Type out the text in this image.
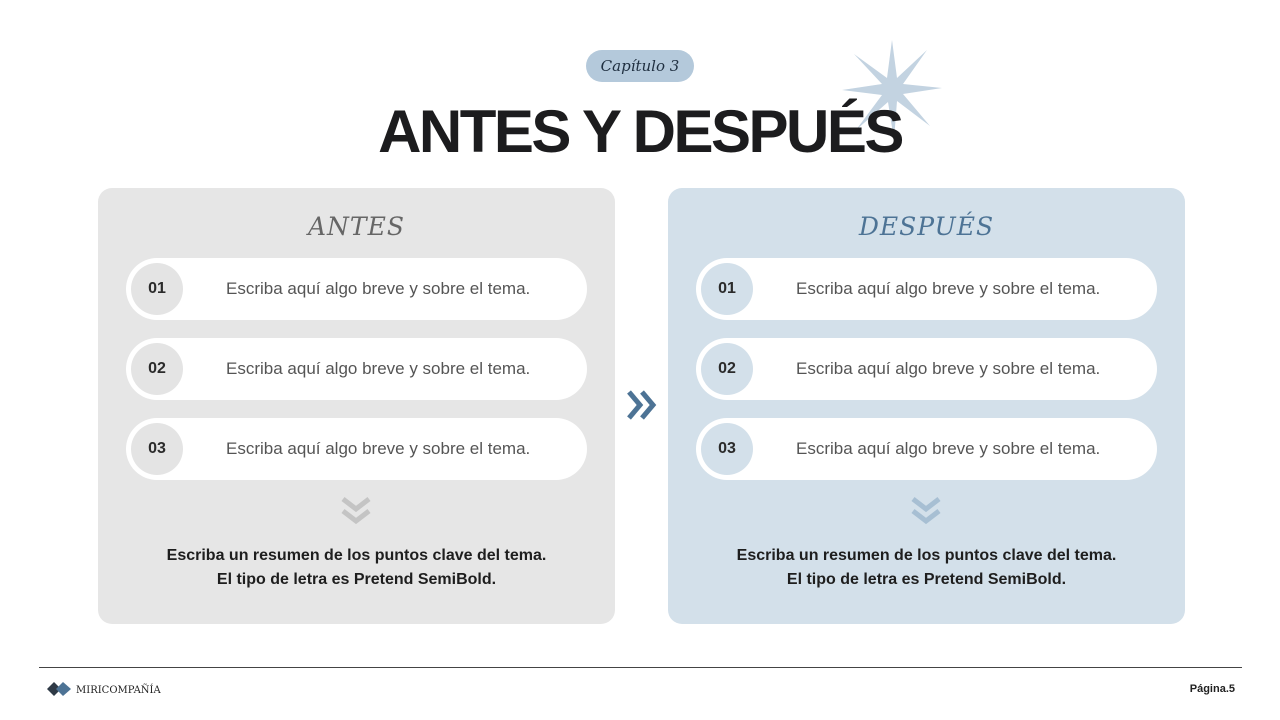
Capítulo 3
ANTES Y DESPUÉS
ANTES
01	Escriba aquí algo breve y sobre el tema.
02	Escriba aquí algo breve y sobre el tema.
03	Escriba aquí algo breve y sobre el tema.
Escriba un resumen de los puntos clave del tema.
El tipo de letra es Pretend SemiBold.
DESPUÉS
01	Escriba aquí algo breve y sobre el tema.
02	Escriba aquí algo breve y sobre el tema.
03	Escriba aquí algo breve y sobre el tema.
Escriba un resumen de los puntos clave del tema.
El tipo de letra es Pretend SemiBold.
miricompañía	Página.5
